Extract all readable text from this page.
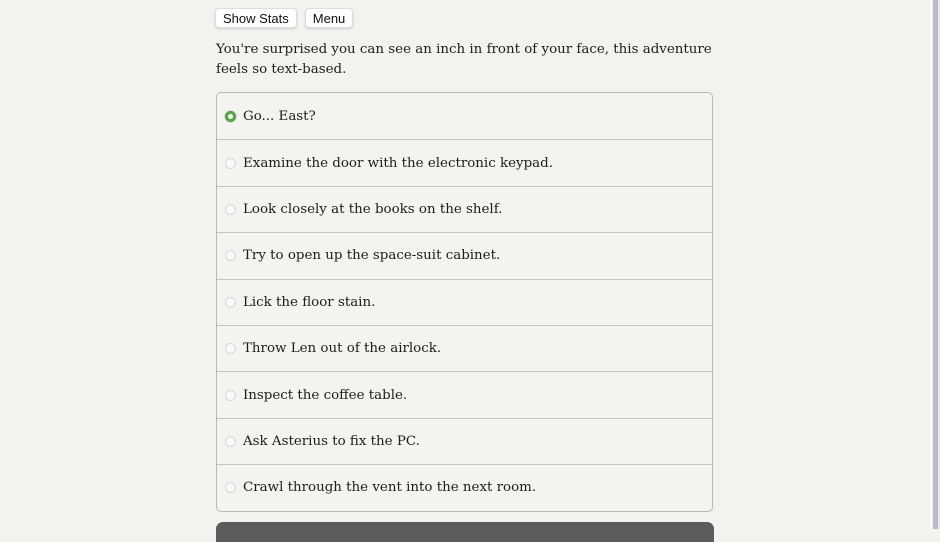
Show Stats	Menu

You're surprised you can see an inch in front of your face, this adventure feels so text-based.

Go... East?
Examine the door with the electronic keypad.
Look closely at the books on the shelf.
Try to open up the space-suit cabinet.
Lick the floor stain.
Throw Len out of the airlock.
Inspect the coffee table.
Ask Asterius to fix the PC.
Crawl through the vent into the next room.
